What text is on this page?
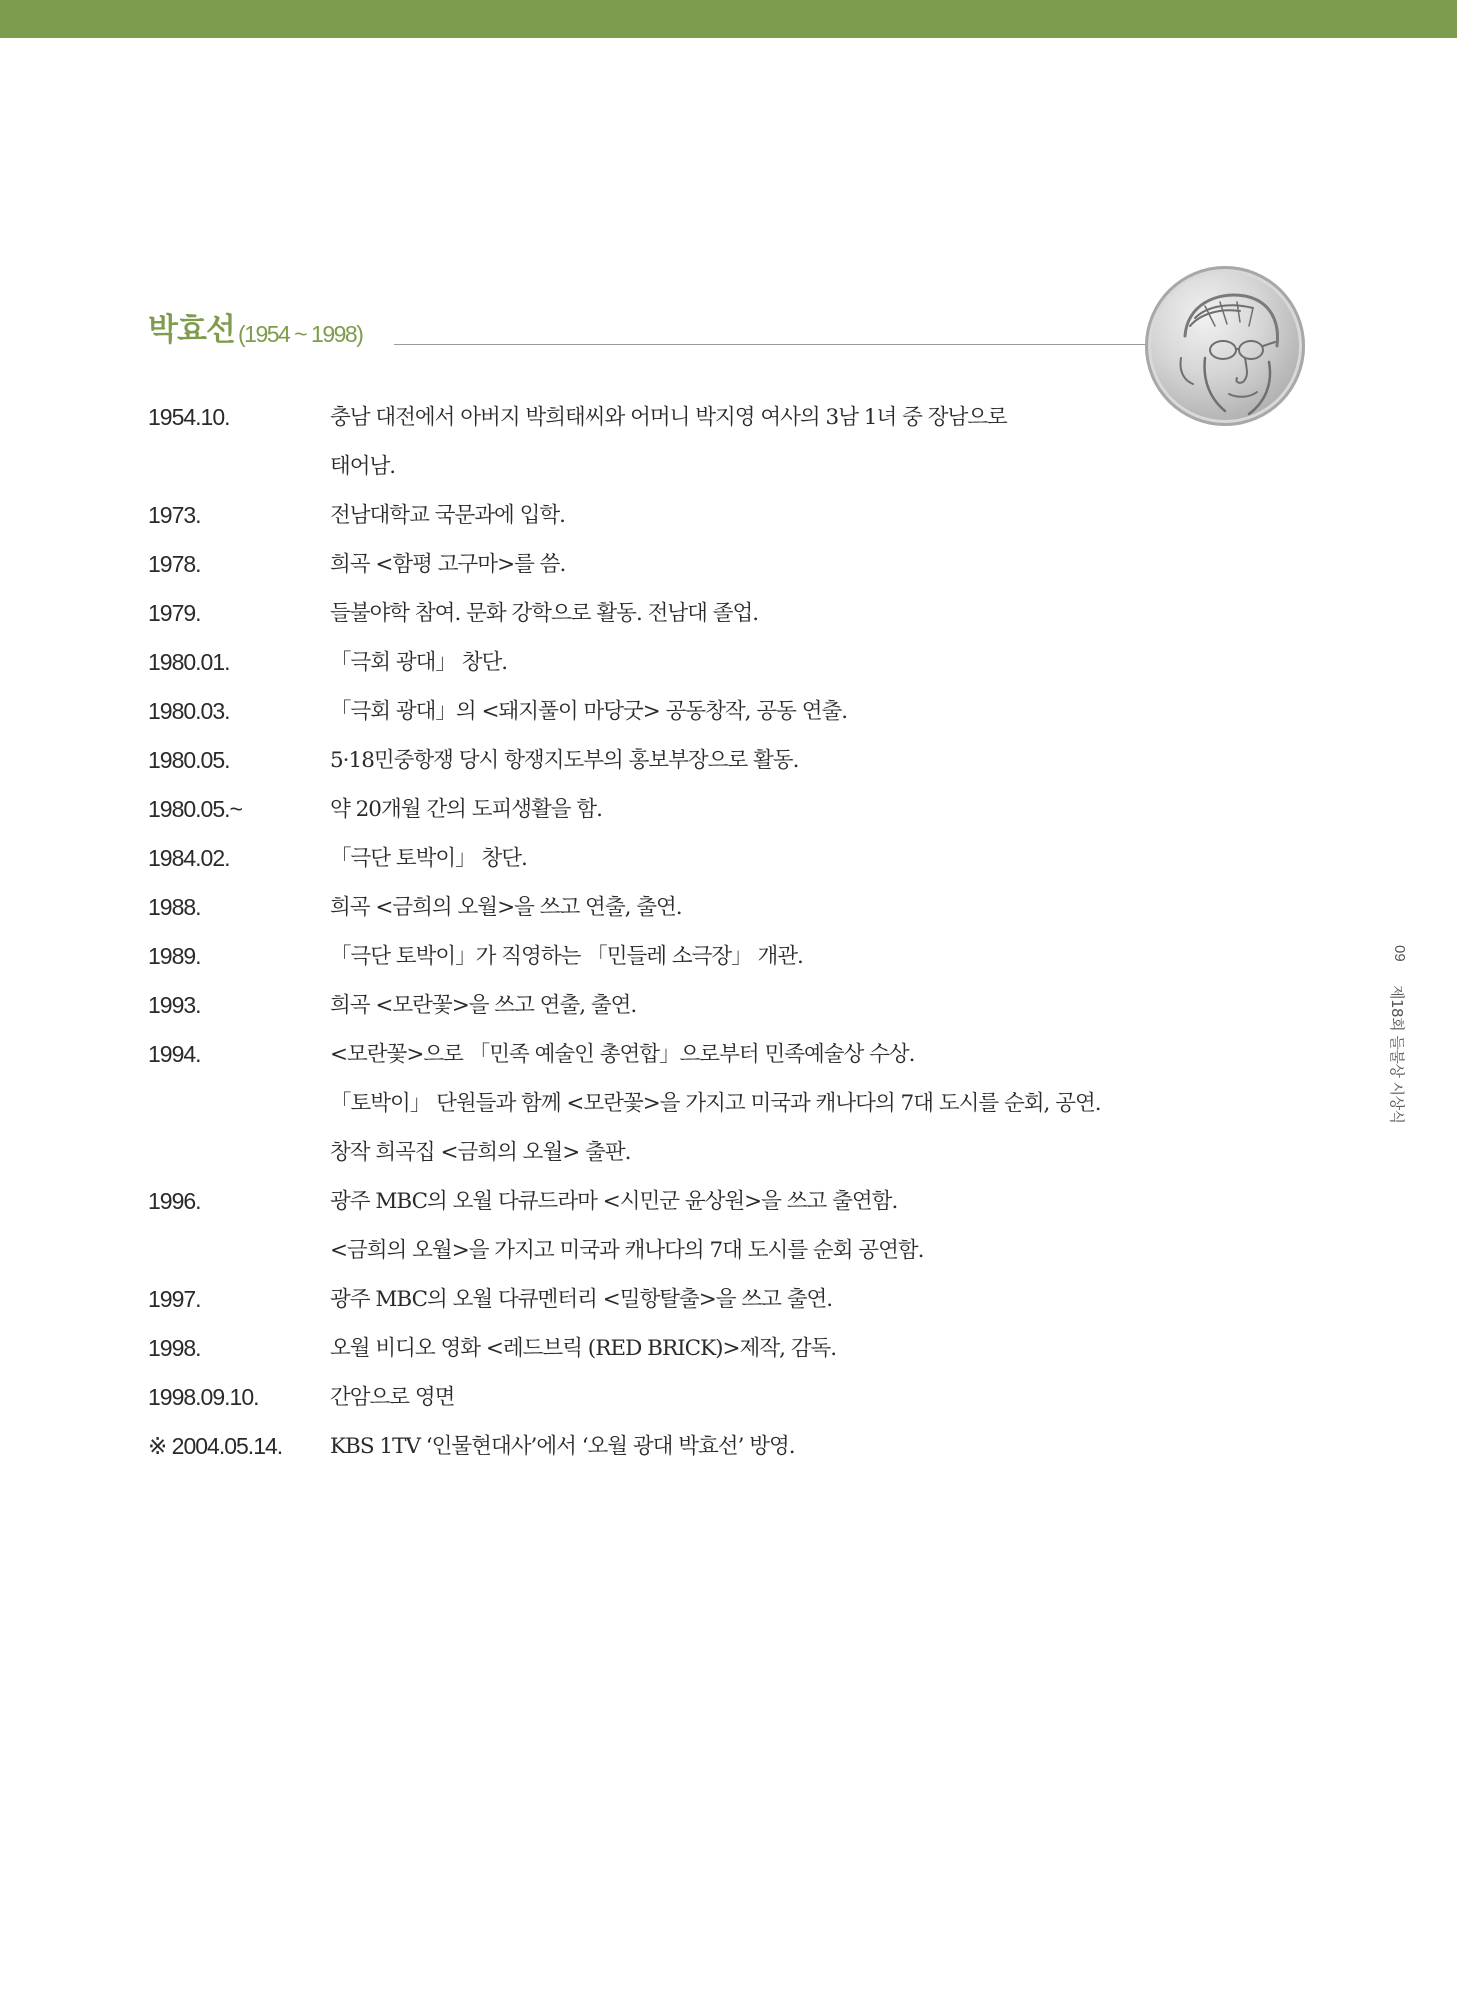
박효선 (1954 ~ 1998)
1954.10.	충남 대전에서 아버지 박희태씨와 어머니 박지영 여사의 3남 1녀 중 장남으로
태어남.
1973.	전남대학교 국문과에 입학.
1978.	희곡 <함평 고구마>를 씀.
1979.	들불야학 참여. 문화 강학으로 활동. 전남대 졸업.
1980.01.	「극회 광대」 창단.
1980.03.	「극회 광대」의 <돼지풀이 마당굿> 공동창작, 공동 연출.
1980.05.	5·18민중항쟁 당시 항쟁지도부의 홍보부장으로 활동.
1980.05.~	약 20개월 간의 도피생활을 함.
1984.02.	「극단 토박이」 창단.
1988.	희곡 <금희의 오월>을 쓰고 연출, 출연.
1989.	「극단 토박이」가 직영하는 「민들레 소극장」 개관.
1993.	희곡 <모란꽃>을 쓰고 연출, 출연.
1994.	<모란꽃>으로 「민족 예술인 총연합」으로부터 민족예술상 수상.
「토박이」 단원들과 함께 <모란꽃>을 가지고 미국과 캐나다의 7대 도시를 순회, 공연.
창작 희곡집 <금희의 오월> 출판.
1996.	광주 MBC의 오월 다큐드라마 <시민군 윤상원>을 쓰고 출연함.
<금희의 오월>을 가지고 미국과 캐나다의 7대 도시를 순회 공연함.
1997.	광주 MBC의 오월 다큐멘터리 <밀항탈출>을 쓰고 출연.
1998.	오월 비디오 영화 <레드브릭 (RED BRICK)>제작, 감독.
1998.09.10.	간암으로 영면
※ 2004.05.14.	KBS 1TV ‘인물현대사’에서 ‘오월 광대 박효선’ 방영.
09
제18회 들불상 시상식
